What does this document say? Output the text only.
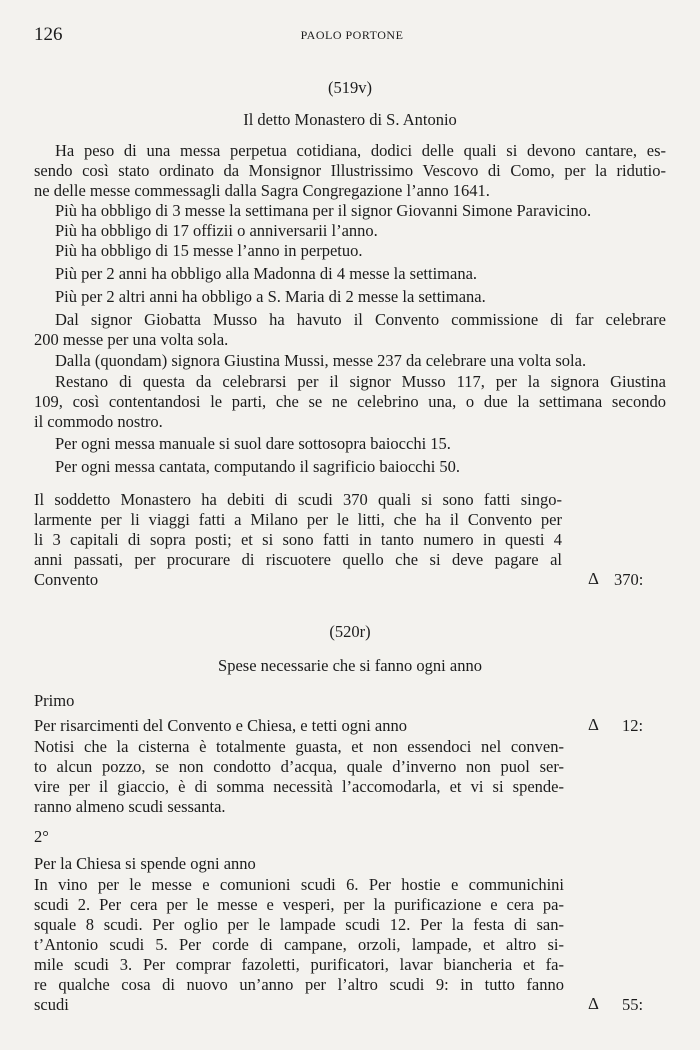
126	PAOLO PORTONE
(519v)
Il detto Monastero di S. Antonio
Ha peso di una messa perpetua cotidiana, dodici delle quali si devono cantare, es-
sendo così stato ordinato da Monsignor Illustrissimo Vescovo di Como, per la ridutio-
ne delle messe commessagli dalla Sagra Congregazione l’anno 1641.
Più ha obbligo di 3 messe la settimana per il signor Giovanni Simone Paravicino.
Più ha obbligo di 17 offizii o anniversarii l’anno.
Più ha obbligo di 15 messe l’anno in perpetuo.
Più per 2 anni ha obbligo alla Madonna di 4 messe la settimana.
Più per 2 altri anni ha obbligo a S. Maria di 2 messe la settimana.
Dal signor Giobatta Musso ha havuto il Convento commissione di far celebrare
200 messe per una volta sola.
Dalla (quondam) signora Giustina Mussi, messe 237 da celebrare una volta sola.
Restano di questa da celebrarsi per il signor Musso 117, per la signora Giustina
109, così contentandosi le parti, che se ne celebrino una, o due la settimana secondo
il commodo nostro.
Per ogni messa manuale si suol dare sottosopra baiocchi 15.
Per ogni messa cantata, computando il sagrificio baiocchi 50.
Il soddetto Monastero ha debiti di scudi 370 quali si sono fatti singo-
larmente per li viaggi fatti a Milano per le litti, che ha il Convento per
li 3 capitali di sopra posti; et si sono fatti in tanto numero in questi 4
anni passati, per procurare di riscuotere quello che si deve pagare al
Convento	Δ 370:
(520r)
Spese necessarie che si fanno ogni anno
Primo
Per risarcimenti del Convento e Chiesa, e tetti ogni anno	Δ 12:
Notisi che la cisterna è totalmente guasta, et non essendoci nel conven-
to alcun pozzo, se non condotto d’acqua, quale d’inverno non puol ser-
vire per il giaccio, è di somma necessità l’accomodarla, et vi si spende-
ranno almeno scudi sessanta.
2°
Per la Chiesa si spende ogni anno
In vino per le messe e comunioni scudi 6. Per hostie e communichini
scudi 2. Per cera per le messe e vesperi, per la purificazione e cera pa-
squale 8 scudi. Per oglio per le lampade scudi 12. Per la festa di san-
t’Antonio scudi 5. Per corde di campane, orzoli, lampade, et altro si-
mile scudi 3. Per comprar fazoletti, purificatori, lavar biancheria et fa-
re qualche cosa di nuovo un’anno per l’altro scudi 9: in tutto fanno
scudi	Δ 55:
